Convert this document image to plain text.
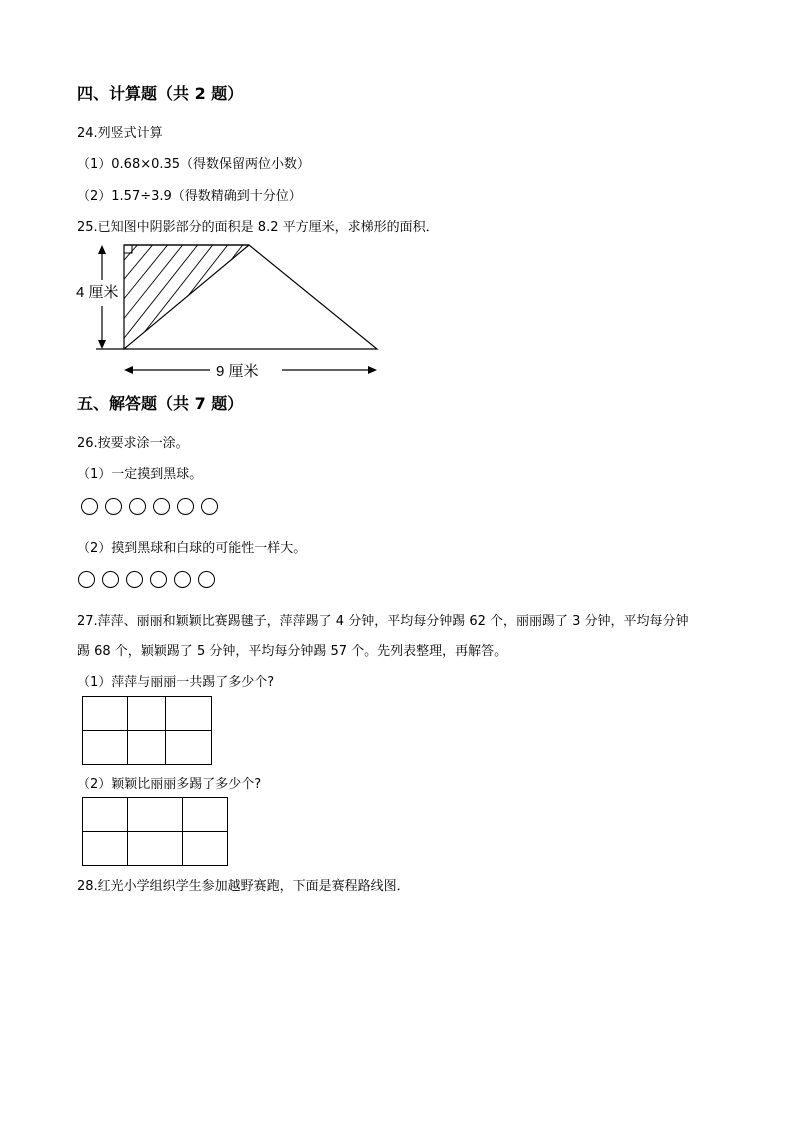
四、计算题（共 2 题）
24.列竖式计算
（1）0.68×0.35（得数保留两位小数）
（2）1.57÷3.9（得数精确到十分位）
25.已知图中阴影部分的面积是 8.2 平方厘米，求梯形的面积．
4 厘米
9 厘米
五、解答题（共 7 题）
26.按要求涂一涂。
（1）一定摸到黑球。
（2）摸到黑球和白球的可能性一样大。
27.萍萍、丽丽和颖颖比赛踢毽子，萍萍踢了 4 分钟，平均每分钟踢 62 个，丽丽踢了 3 分钟，平均每分钟
踢 68 个，颖颖踢了 5 分钟，平均每分钟踢 57 个。先列表整理，再解答。
（1）萍萍与丽丽一共踢了多少个?

（2）颖颖比丽丽多踢了多少个?

28.红光小学组织学生参加越野赛跑，下面是赛程路线图．
